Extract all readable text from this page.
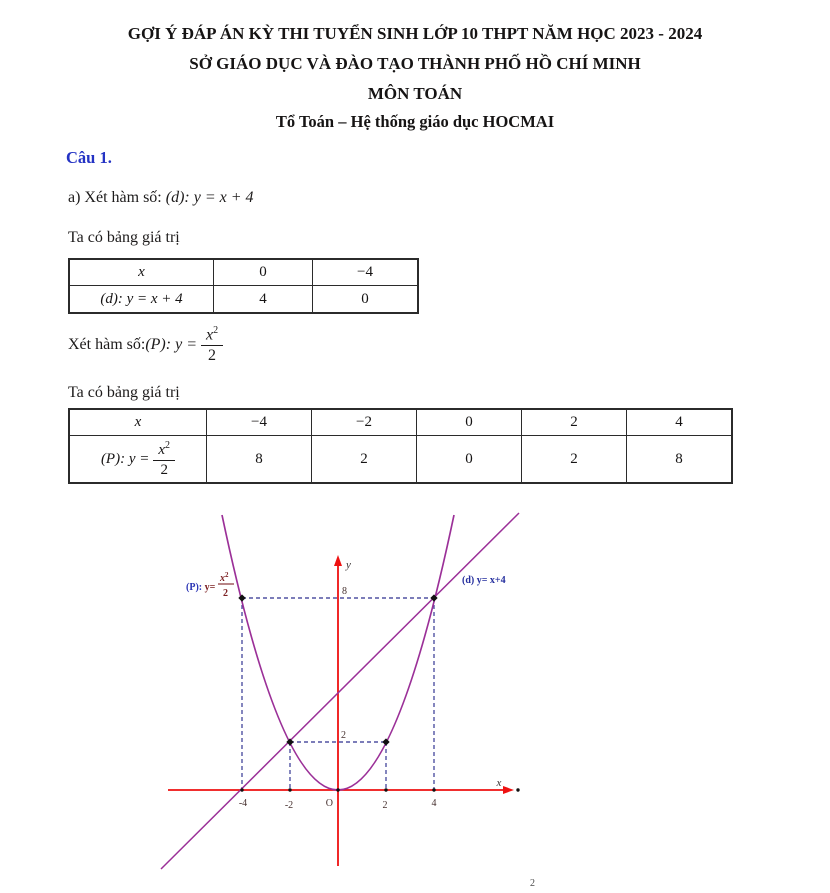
GỢI Ý ĐÁP ÁN KỲ THI TUYỂN SINH LỚP 10 THPT NĂM HỌC 2023 - 2024
SỞ GIÁO DỤC VÀ ĐÀO TẠO THÀNH PHỐ HỒ CHÍ MINH
MÔN TOÁN
Tổ Toán – Hệ thống giáo dục HOCMAI
Câu 1.
a) Xét hàm số: (d): y = x + 4
Ta có bảng giá trị
x	0	−4
(d): y = x + 4	4	0
Xét hàm số: (P): $y = \frac{x^2}{2}$
Ta có bảng giá trị
x	−4	−2	0	2	4

(P): $y = \frac{x^2}{2}$	8	2	0	2	8
y
x
O
-4	-2	2	4
8
2
(P): y=
$x^2$
2
(d) y= x+4
2
